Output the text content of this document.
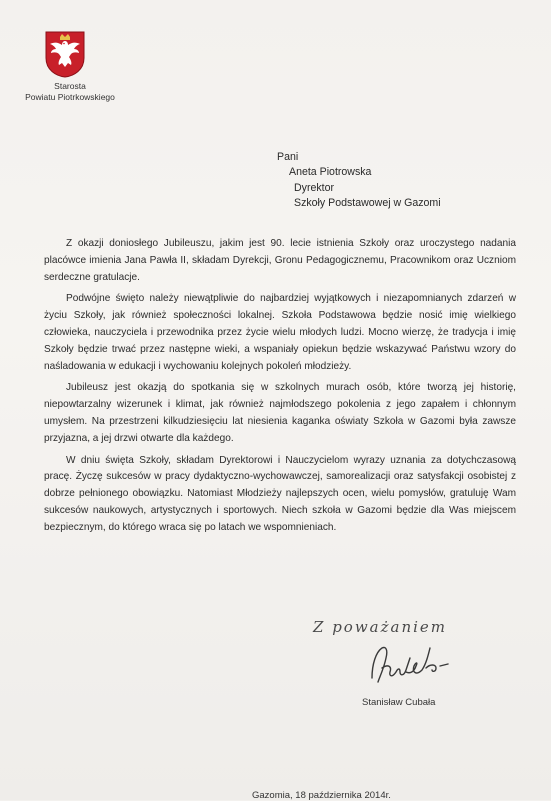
Starosta
Powiatu Piotrkowskiego
Pani
Aneta Piotrowska
Dyrektor
Szkoły Podstawowej w Gazomi

Z okazji doniosłego Jubileuszu, jakim jest 90. lecie istnienia Szkoły oraz uroczystego nadania placówce imienia Jana Pawła II, składam Dyrekcji, Gronu Pedagogicznemu, Pracownikom oraz Uczniom serdeczne gratulacje.

Podwójne święto należy niewątpliwie do najbardziej wyjątkowych i niezapomnianych zdarzeń w życiu Szkoły, jak również społeczności lokalnej. Szkoła Podstawowa będzie nosić imię wielkiego człowieka, nauczyciela i przewodnika przez życie wielu młodych ludzi. Mocno wierzę, że tradycja i imię Szkoły będzie trwać przez następne wieki, a wspaniały opiekun będzie wskazywać Państwu wzory do naśladowania w edukacji i wychowaniu kolejnych pokoleń młodzieży.

Jubileusz jest okazją do spotkania się w szkolnych murach osób, które tworzą jej historię, niepowtarzalny wizerunek i klimat, jak również najmłodszego pokolenia z jego zapałem i chłonnym umysłem. Na przestrzeni kilkudziesięciu lat niesienia kaganka oświaty Szkoła w Gazomi była zawsze przyjazna, a jej drzwi otwarte dla każdego.

W dniu święta Szkoły, składam Dyrektorowi i Nauczycielom wyrazy uznania za dotychczasową pracę. Życzę sukcesów w pracy dydaktyczno-wychowawczej, samorealizacji oraz satysfakcji osobistej z dobrze pełnionego obowiązku. Natomiast Młodzieży najlepszych ocen, wielu pomysłów, gratuluję Wam sukcesów naukowych, artystycznych i sportowych. Niech szkoła w Gazomi będzie dla Was miejscem bezpiecznym, do którego wraca się po latach we wspomnieniach.

Z poważaniem
Stanisław Cubała
Gazomia, 18 października 2014r.
